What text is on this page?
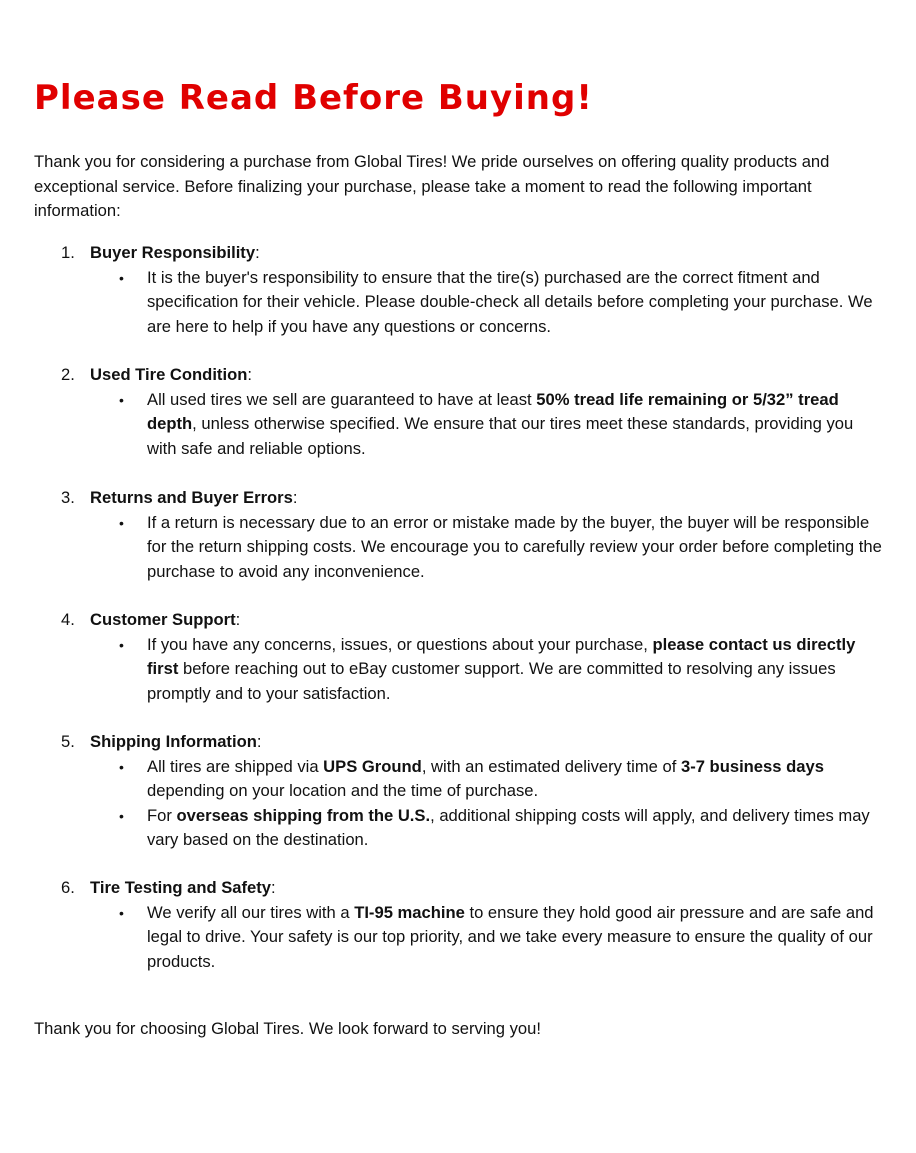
Please Read Before Buying!

Thank you for considering a purchase from Global Tires! We pride ourselves on offering quality products and exceptional service. Before finalizing your purchase, please take a moment to read the following important information:

1. Buyer Responsibility:
• It is the buyer's responsibility to ensure that the tire(s) purchased are the correct fitment and specification for their vehicle. Please double-check all details before completing your purchase. We are here to help if you have any questions or concerns.
2. Used Tire Condition:
• All used tires we sell are guaranteed to have at least 50% tread life remaining or 5/32” tread depth, unless otherwise specified. We ensure that our tires meet these standards, providing you with safe and reliable options.
3. Returns and Buyer Errors:
• If a return is necessary due to an error or mistake made by the buyer, the buyer will be responsible for the return shipping costs. We encourage you to carefully review your order before completing the purchase to avoid any inconvenience.
4. Customer Support:
• If you have any concerns, issues, or questions about your purchase, please contact us directly first before reaching out to eBay customer support. We are committed to resolving any issues promptly and to your satisfaction.
5. Shipping Information:
• All tires are shipped via UPS Ground, with an estimated delivery time of 3-7 business days depending on your location and the time of purchase.
• For overseas shipping from the U.S., additional shipping costs will apply, and delivery times may vary based on the destination.
6. Tire Testing and Safety:
• We verify all our tires with a TI-95 machine to ensure they hold good air pressure and are safe and legal to drive. Your safety is our top priority, and we take every measure to ensure the quality of our products.

Thank you for choosing Global Tires. We look forward to serving you!
